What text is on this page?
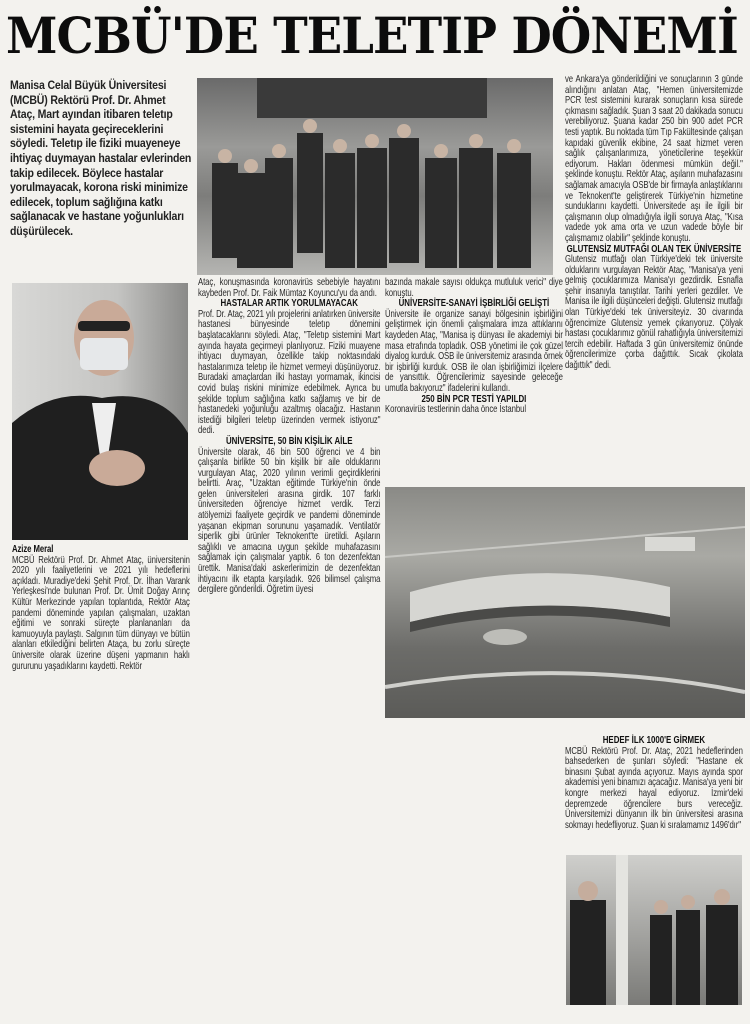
MCBÜ'DE TELETIP DÖNEMİ
Manisa Celal Büyük Üniversitesi (MCBÜ) Rektörü Prof. Dr. Ahmet Ataç, Mart ayından itibaren teletıp sistemini hayata geçireceklerini söyledi. Teletıp ile fiziki muayeneye ihtiyaç duymayan hastalar evlerinden takip edilecek. Böylece hastalar yorulmayacak, korona riski minimize edilecek, toplum sağlığına katkı sağlanacak ve hastane yoğunlukları düşürülecek.

Azize Meral

MCBÜ Rektörü Prof. Dr. Ahmet Ataç, üniversitenin 2020 yılı faaliyetlerini ve 2021 yılı hedeflerini açıkladı. Muradiye'deki Şehit Prof. Dr. İlhan Varank Yerleşkesi'nde bulunan Prof. Dr. Ümit Doğay Arınç Kültür Merkezinde yapılan toplantıda, Rektör Ataç pandemi döneminde yapılan çalışmaları, uzaktan eğitimi ve sonraki süreçte planlananları da kamuoyuyla paylaştı. Salgının tüm dünyayı ve bütün alanları etkilediğini belirten Ataça, bu zorlu süreçte üniversite olarak üzerine düşeni yapmanın haklı gururunu yaşadıklarını kaydetti. Rektör

Ataç, konuşmasında koronavirüs sebebiyle hayatını kaybeden Prof. Dr. Faik Mümtaz Koyuncu'yu da andı.

HASTALAR ARTIK YORULMAYACAK

Prof. Dr. Ataç, 2021 yılı projelerini anlatırken üniversite hastanesi bünyesinde teletıp dönemini başlatacaklarını söyledi. Ataç, "Teletıp sistemini Mart ayında hayata geçirmeyi planlıyoruz. Fiziki muayene ihtiyacı duymayan, özellikle takip noktasındaki hastalarımıza teletıp ile hizmet vermeyi düşünüyoruz. Buradaki amaçlardan ilki hastayı yormamak, ikincisi covid bulaş riskini minimize edebilmek. Ayrıca bu şekilde toplum sağlığına katkı sağlamış ve bir de hastanedeki yoğunluğu azaltmış olacağız. Hastanın istediği bilgileri teletıp üzerinden vermek istiyoruz" dedi.

ÜNİVERSİTE, 50 BİN KİŞİLİK AİLE

Üniversite olarak, 46 bin 500 öğrenci ve 4 bin çalışanla birlikte 50 bin kişilik bir aile olduklarını vurgulayan Ataç, 2020 yılının verimli geçirdiklerini belirtti. Araç, "Uzaktan eğitimde Türkiye'nin önde gelen üniversiteleri arasına girdik. 107 farklı üniversiteden öğrenciye hizmet verdik. Terzi atölyemizi faaliyete geçirdik ve pandemi döneminde yaşanan ekipman sorununu yaşamadık. Ventilatör siperlik gibi ürünler Teknokent'te üretildi. Aşıların sağlıklı ve amacına uygun şekilde muhafazasını sağlamak için çalışmalar yaptık. 6 ton dezenfektan ürettik. Manisa'daki askerlerimizin de dezenfektan ihtiyacını ilk etapta karşıladık. 926 bilimsel çalışma dergilere gönderildi. Öğretim üyesi

bazında makale sayısı oldukça mutluluk verici" diye konuştu.

ÜNİVERSİTE-SANAYİ İŞBİRLİĞİ GELİŞTİ

Üniversite ile organize sanayi bölgesinin işbirliğini geliştirmek için önemli çalışmalara imza attıklarını kaydeden Ataç, "Manisa iş dünyası ile akademiyi bir masa etrafında topladık. OSB yönetimi ile çok güzel diyalog kurduk. OSB ile üniversitemiz arasında örnek bir işbirliği kurduk. OSB ile olan işbirliğimizi ilçelere de yansıttık. Öğrencilerimiz sayesinde geleceğe umutla bakıyoruz" ifadelerini kullandı.

250 BİN PCR TESTİ YAPILDI

Koronavirüs testlerinin daha önce İstanbul

ve Ankara'ya gönderildiğini ve sonuçlarının 3 günde alındığını anlatan Ataç, "Hemen üniversitemizde PCR test sistemini kurarak sonuçların kısa sürede çıkmasını sağladık. Şuan 3 saat 20 dakikada sonucu verebiliyoruz. Şuana kadar 250 bin 900 adet PCR testi yaptık. Bu noktada tüm Tıp Fakültesinde çalışan kapıdaki güvenlik ekibine, 24 saat hizmet veren sağlık çalışanlarımıza, yöneticilerine teşekkür ediyorum. Hakları ödenmesi mümkün değil." şeklinde konuştu. Rektör Ataç, aşıların muhafazasını sağlamak amacıyla OSB'de bir firmayla anlaştıklarını ve Teknokent'te geliştirerek Türkiye'nin hizmetine sunduklarını kaydetti. Üniversitede aşı ile ilgili bir çalışmanın olup olmadığıyla ilgili soruya Ataç, "Kısa vadede yok ama orta ve uzun vadede böyle bir çalışmamız olabilir" şeklinde konuştu.

GLUTENSİZ MUTFAĞI OLAN TEK ÜNİVERSİTE

Glutensiz mutfağı olan Türkiye'deki tek üniversite olduklarını vurgulayan Rektör Ataç, "Manisa'ya yeni gelmiş çocuklarımıza Manisa'yı gezdirdik. Esnafla şehir insanıyla tanıştılar. Tarihi yerleri gezdiler. Ve Manisa ile ilgili düşünceleri değişti. Glutensiz mutfağı olan Türkiye'deki tek üniversiteyiz. 30 civarında öğrencimize Glutensiz yemek çıkarıyoruz. Çölyak hastası çocuklarımız gönül rahatlığıyla üniversitemizi tercih edebilir. Haftada 3 gün üniversitemiz önünde öğrencilerimize çorba dağıttık. Sıcak çikolata dağıttık" dedi.

HEDEF İLK 1000'E GİRMEK

MCBÜ Rektörü Prof. Dr. Ataç, 2021 hedeflerinden bahsederken de şunları söyledi: "Hastane ek binasını Şubat ayında açıyoruz. Mayıs ayında spor akademisi yeni binamızı açacağız. Manisa'ya yeni bir kongre merkezi hayal ediyoruz. İzmir'deki depremzede öğrencilere burs vereceğiz. Üniversitemizi dünyanın ilk bin üniversitesi arasına sokmayı hedefliyoruz. Şuan ki sıralamamız 1496'dır"
